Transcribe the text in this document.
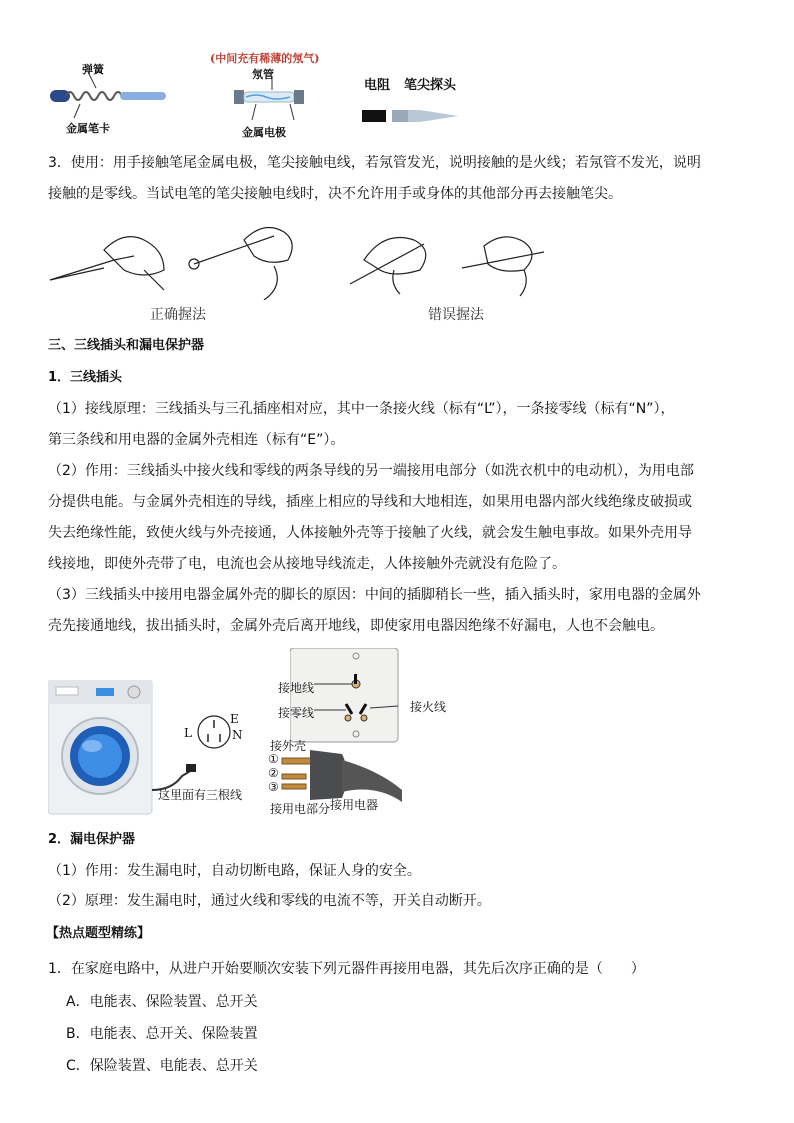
弹簧
金属笔卡
(中间充有稀薄的氖气)
氖管
金属电极
电阻 笔尖探头
3．使用：用手接触笔尾金属电极，笔尖接触电线，若氖管发光，说明接触的是火线；若氖管不发光，说明
接触的是零线。当试电笔的笔尖接触电线时，决不允许用手或身体的其他部分再去接触笔尖。
正确握法	错误握法
三、三线插头和漏电保护器
1．三线插头
（1）接线原理：三线插头与三孔插座相对应，其中一条接火线（标有“L”），一条接零线（标有“N”），
第三条线和用电器的金属外壳相连（标有“E”）。
（2）作用：三线插头中接火线和零线的两条导线的另一端接用电部分（如洗衣机中的电动机），为用电部
分提供电能。与金属外壳相连的导线，插座上相应的导线和大地相连，如果用电器内部火线绝缘皮破损或
失去绝缘性能，致使火线与外壳接通，人体接触外壳等于接触了火线，就会发生触电事故。如果外壳用导
线接地，即使外壳带了电，电流也会从接地导线流走，人体接触外壳就没有危险了。
（3）三线插头中接用电器金属外壳的脚长的原因：中间的插脚稍长一些，插入插头时，家用电器的金属外
壳先接通地线，拔出插头时，金属外壳后离开地线，即使家用电器因绝缘不好漏电，人也不会触电。
这里面有三根线
L
E
N
接地线
接零线	接火线
接外壳
①
②
③
接用电部分 接用电器
2．漏电保护器
（1）作用：发生漏电时，自动切断电路，保证人身的安全。
（2）原理：发生漏电时，通过火线和零线的电流不等，开关自动断开。
【热点题型精练】
1．在家庭电路中，从进户开始要顺次安装下列元器件再接用电器，其先后次序正确的是（　　）
A．电能表、保险装置、总开关
B．电能表、总开关、保险装置
C．保险装置、电能表、总开关
